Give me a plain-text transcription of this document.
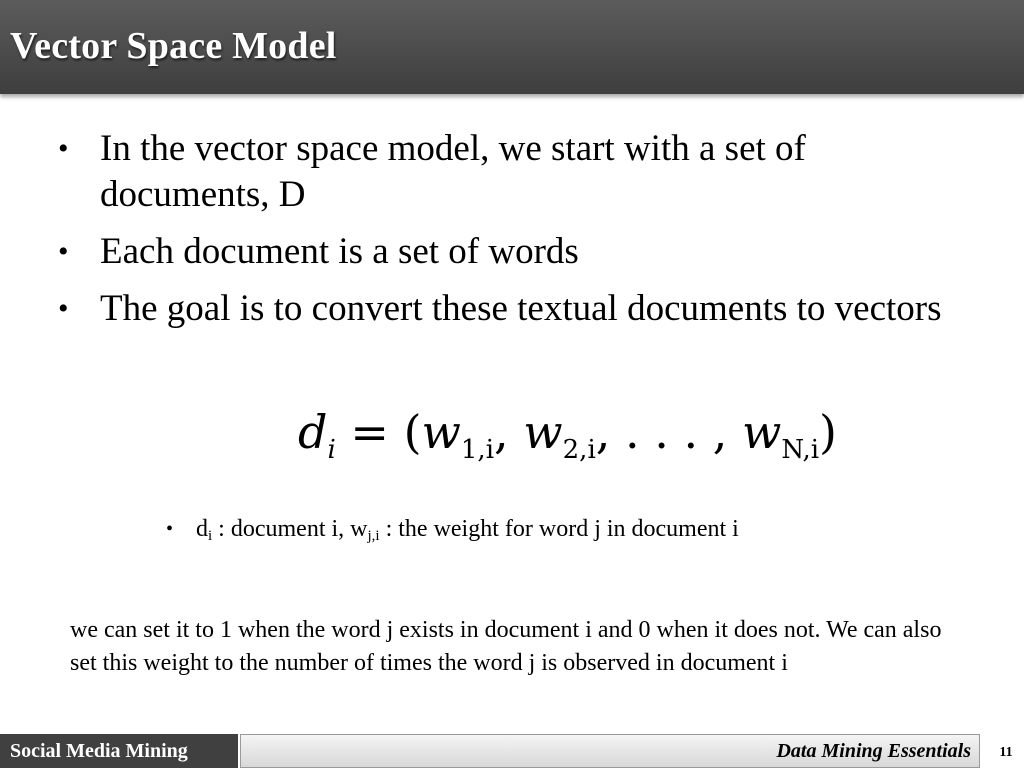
Vector Space Model
• In the vector space model, we start with a set of documents, D
• Each document is a set of words
• The goal is to convert these textual documents to vectors
$d_i = (w_{1,i}$, $w_{2,i}$, . . . , $w_{N,i}$)
• $d_i$ : document i, $w_{j,i}$ : the weight for word j in document i
we can set it to 1 when the word j exists in document i and 0 when it does not. We can also set this weight to the number of times the word j is observed in document i
Social Media Mining	Data Mining Essentials	11
